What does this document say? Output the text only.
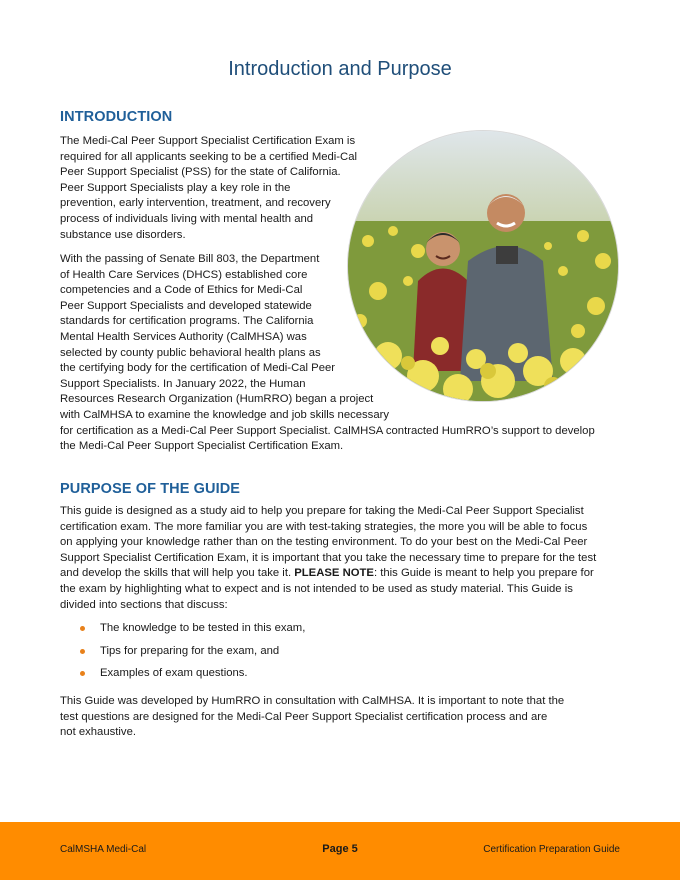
Introduction and Purpose
INTRODUCTION

The Medi-Cal Peer Support Specialist Certification Exam is
required for all applicants seeking to be a certified Medi-Cal
Peer Support Specialist (PSS) for the state of California.
Peer Support Specialists play a key role in the
prevention, early intervention, treatment, and recovery
process of individuals living with mental health and
substance use disorders.

With the passing of Senate Bill 803, the Department
of Health Care Services (DHCS) established core
competencies and a Code of Ethics for Medi-Cal
Peer Support Specialists and developed statewide
standards for certification programs. The California
Mental Health Services Authority (CalMHSA) was
selected by county public behavioral health plans as
the certifying body for the certification of Medi-Cal Peer
Support Specialists. In January 2022, the Human
Resources Research Organization (HumRRO) began a project
with CalMHSA to examine the knowledge and job skills necessary
for certification as a Medi-Cal Peer Support Specialist. CalMHSA contracted HumRRO’s support to develop
the Medi-Cal Peer Support Specialist Certification Exam.

PURPOSE OF THE GUIDE

This guide is designed as a study aid to help you prepare for taking the Medi-Cal Peer Support Specialist
certification exam. The more familiar you are with test-taking strategies, the more you will be able to focus
on applying your knowledge rather than on the testing environment. To do your best on the Medi-Cal Peer
Support Specialist Certification Exam, it is important that you take the necessary time to prepare for the test
and develop the skills that will help you take it. PLEASE NOTE: this Guide is meant to help you prepare for
the exam by highlighting what to expect and is not intended to be used as study material. This Guide is
divided into sections that discuss:

The knowledge to be tested in this exam,
Tips for preparing for the exam, and
Examples of exam questions.

This Guide was developed by HumRRO in consultation with CalMHSA. It is important to note that the
test questions are designed for the Medi-Cal Peer Support Specialist certification process and are
not exhaustive.

CalMSHA Medi-Cal	Page 5	Certification Preparation Guide
